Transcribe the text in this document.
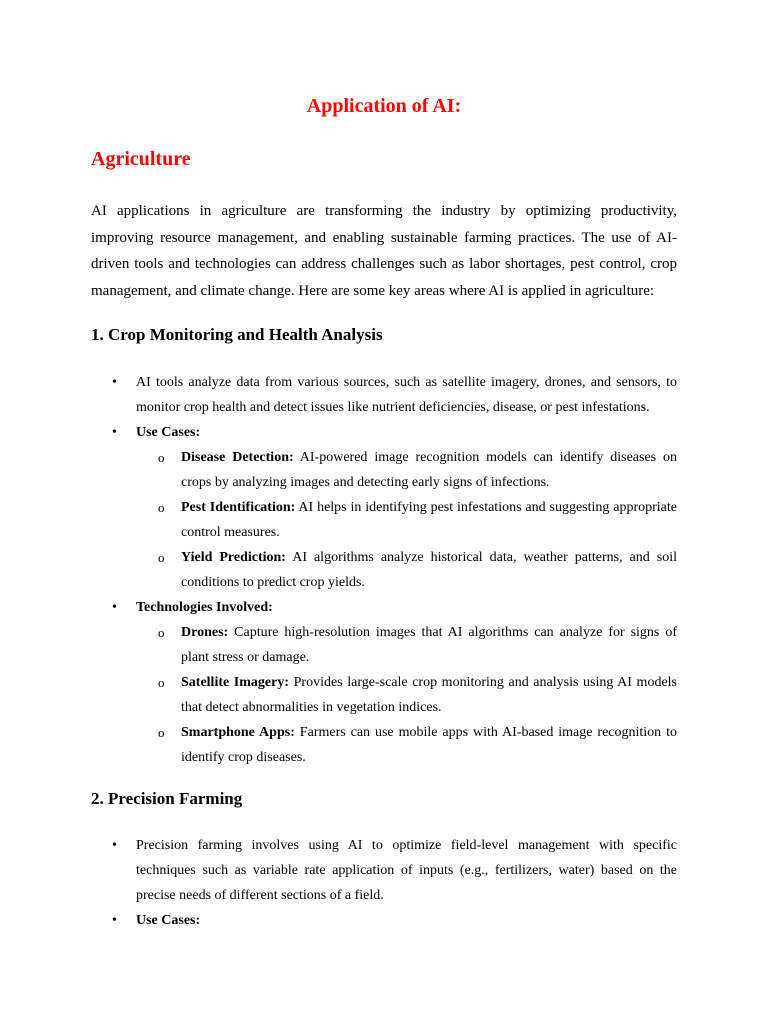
Application of AI:
Agriculture

AI applications in agriculture are transforming the industry by optimizing productivity, improving resource management, and enabling sustainable farming practices. The use of AI-driven tools and technologies can address challenges such as labor shortages, pest control, crop management, and climate change. Here are some key areas where AI is applied in agriculture:

1. Crop Monitoring and Health Analysis
• AI tools analyze data from various sources, such as satellite imagery, drones, and sensors, to monitor crop health and detect issues like nutrient deficiencies, disease, or pest infestations.
• Use Cases:
o Disease Detection: AI-powered image recognition models can identify diseases on crops by analyzing images and detecting early signs of infections.
o Pest Identification: AI helps in identifying pest infestations and suggesting appropriate control measures.
o Yield Prediction: AI algorithms analyze historical data, weather patterns, and soil conditions to predict crop yields.
• Technologies Involved:
o Drones: Capture high-resolution images that AI algorithms can analyze for signs of plant stress or damage.
o Satellite Imagery: Provides large-scale crop monitoring and analysis using AI models that detect abnormalities in vegetation indices.
o Smartphone Apps: Farmers can use mobile apps with AI-based image recognition to identify crop diseases.
2. Precision Farming
• Precision farming involves using AI to optimize field-level management with specific techniques such as variable rate application of inputs (e.g., fertilizers, water) based on the precise needs of different sections of a field.
• Use Cases:
